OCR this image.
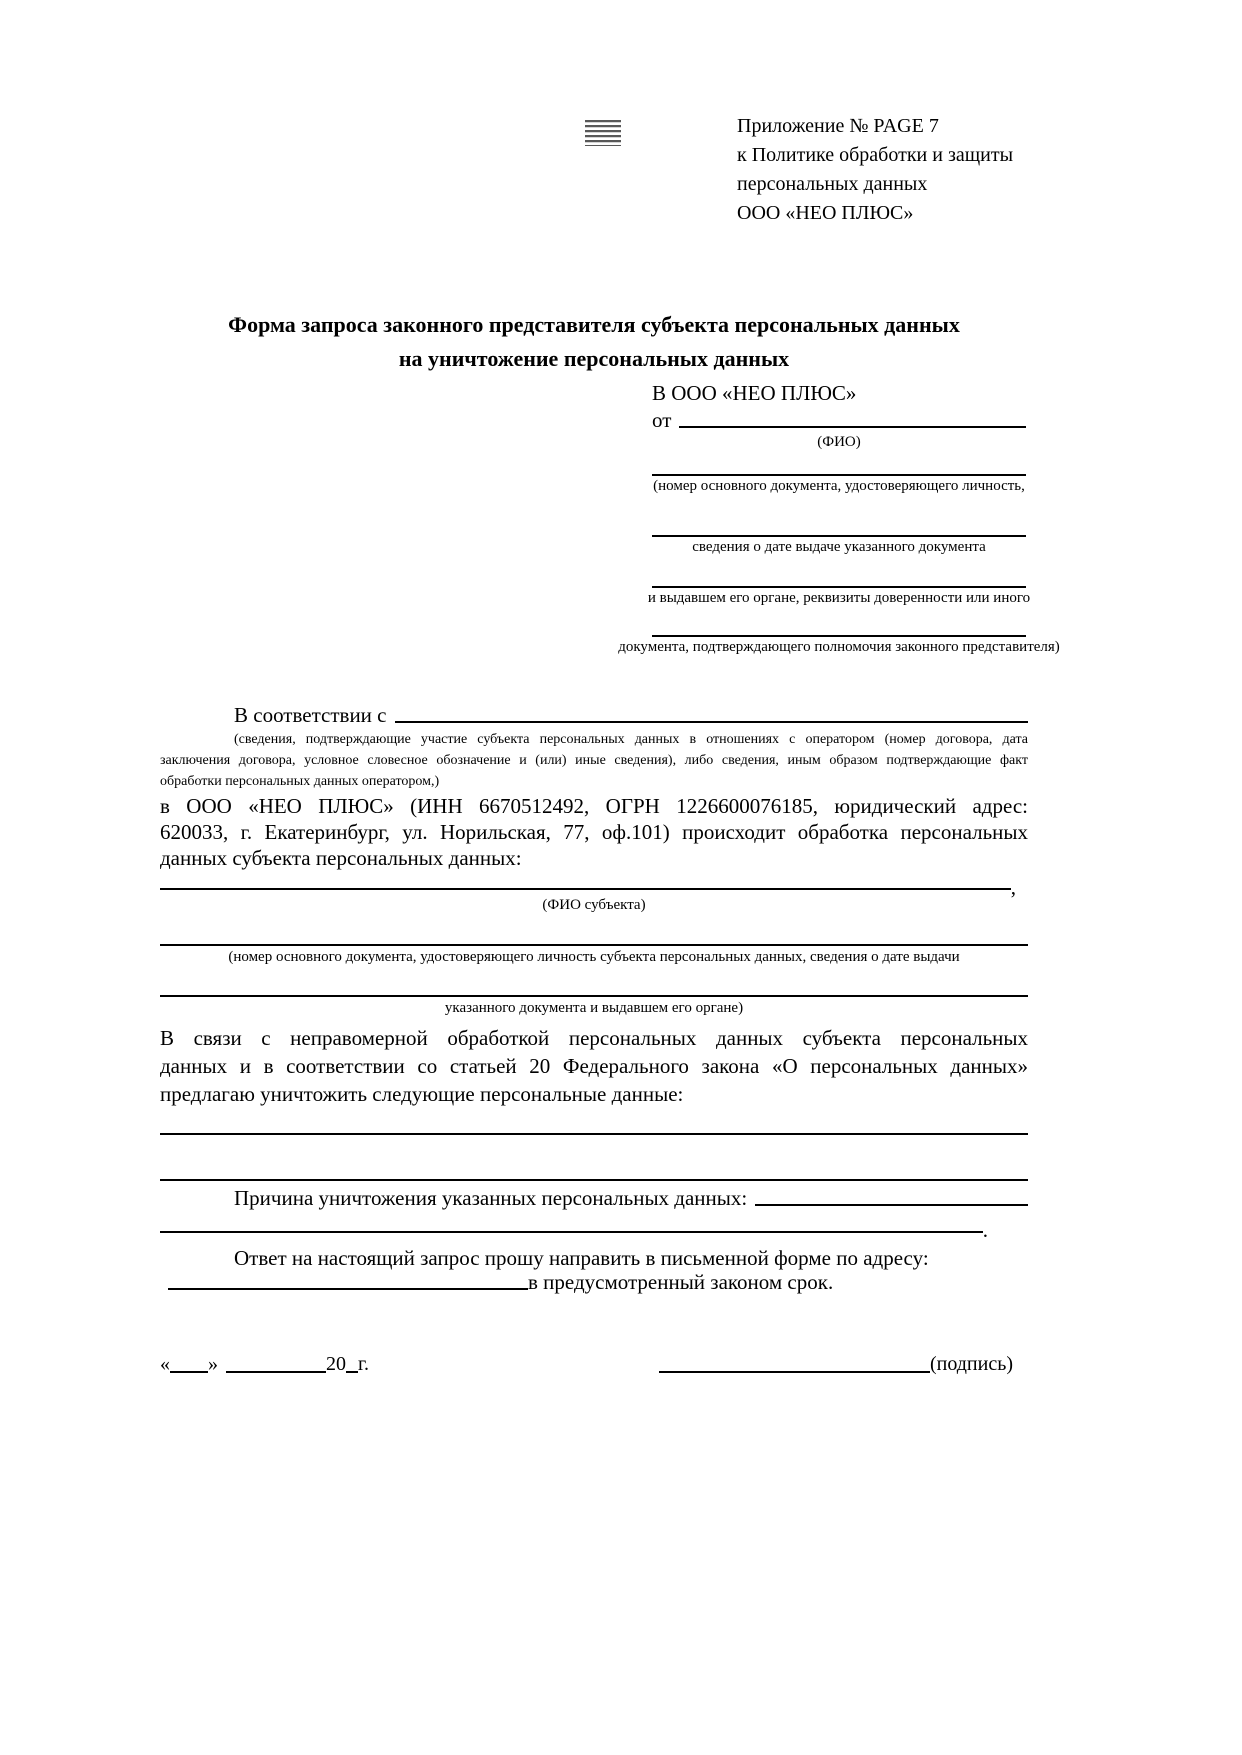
Приложение № PAGE 7
к Политике обработки и защиты
персональных данных
ООО «НЕО ПЛЮС»
Форма запроса законного представителя субъекта персональных данных
на уничтожение персональных данных
В ООО «НЕО ПЛЮС»
от
(ФИО)
(номер основного документа, удостоверяющего личность,
сведения о дате выдаче указанного документа
и выдавшем его органе, реквизиты доверенности или иного
документа, подтверждающего полномочия законного представителя)
В соответствии с
(сведения, подтверждающие участие субъекта персональных данных в отношениях с оператором (номер договора, дата
заключения договора, условное словесное обозначение и (или) иные сведения), либо сведения, иным образом подтверждающие факт
обработки персональных данных оператором,)
в ООО «НЕО ПЛЮС» (ИНН 6670512492, ОГРН 1226600076185, юридический адрес:
620033, г. Екатеринбург, ул. Норильская, 77, оф.101) происходит обработка персональных
данных субъекта персональных данных:
,
(ФИО субъекта)
(номер основного документа, удостоверяющего личность субъекта персональных данных, сведения о дате выдачи
указанного документа и выдавшем его органе)
В связи с неправомерной обработкой персональных данных субъекта персональных
данных и в соответствии со статьей 20 Федерального закона «О персональных данных»
предлагаю уничтожить следующие персональные данные:
Причина уничтожения указанных персональных данных:
.
Ответ на настоящий запрос прошу направить в письменной форме по адресу:
в предусмотренный законом срок.
« »	20 г.	(подпись)
